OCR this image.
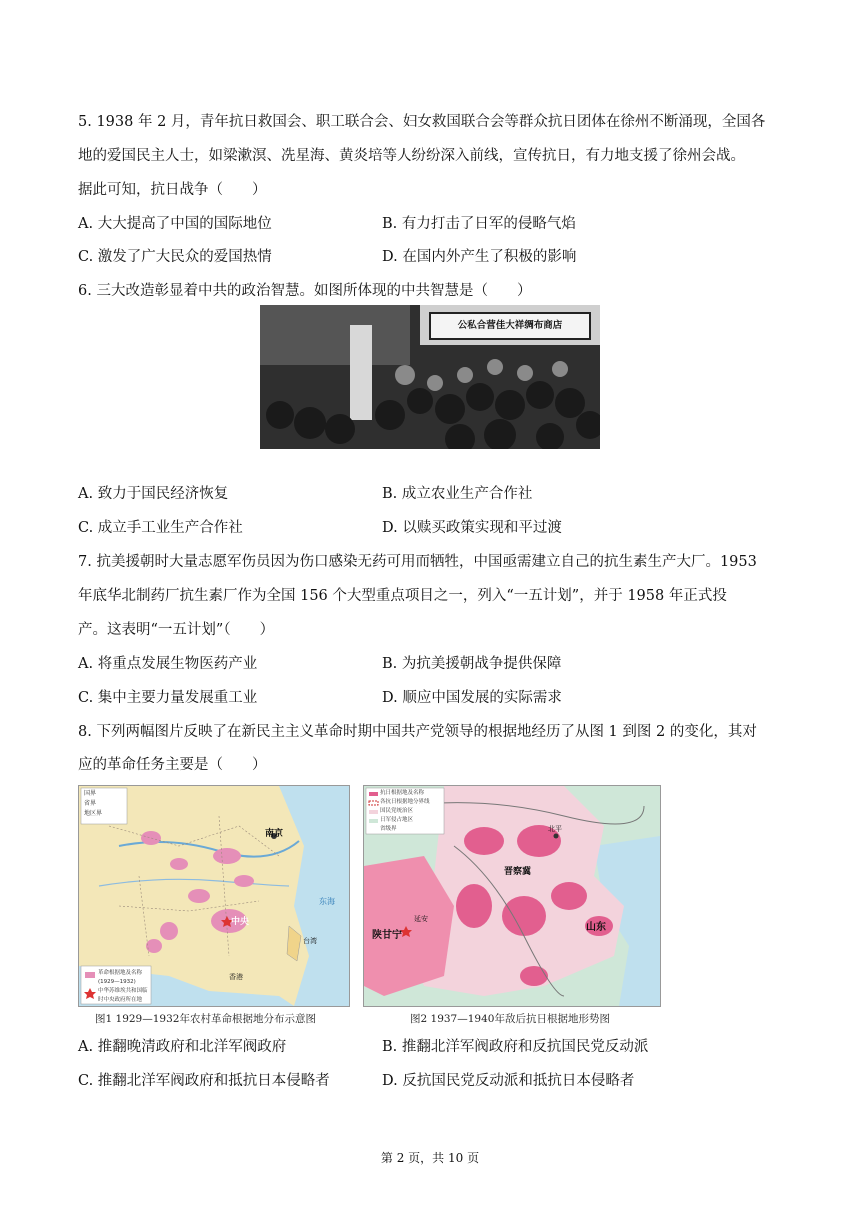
5. 1938 年 2 月，青年抗日救国会、职工联合会、妇女救国联合会等群众抗日团体在徐州不断涌现，全国各
地的爱国民主人士，如梁漱溟、冼星海、黄炎培等人纷纷深入前线，宣传抗日，有力地支援了徐州会战。
据此可知，抗日战争（　　）
A. 大大提高了中国的国际地位	B. 有力打击了日军的侵略气焰
C. 激发了广大民众的爱国热情	D. 在国内外产生了积极的影响
6. 三大改造彰显着中共的政治智慧。如图所体现的中共智慧是（　　）
公私合营佳大祥绸布商店
A. 致力于国民经济恢复	B. 成立农业生产合作社
C. 成立手工业生产合作社	D. 以赎买政策实现和平过渡
7. 抗美援朝时大量志愿军伤员因为伤口感染无药可用而牺牲，中国亟需建立自己的抗生素生产大厂。1953
年底华北制药厂抗生素厂作为全国 156 个大型重点项目之一，列入“一五计划”，并于 1958 年正式投
产。这表明“一五计划”（　　）
A. 将重点发展生物医药产业	B. 为抗美援朝战争提供保障
C. 集中主要力量发展重工业	D. 顺应中国发展的实际需求
8. 下列两幅图片反映了在新民主主义革命时期中国共产党领导的根据地经历了从图 1 到图 2 的变化，其对
应的革命任务主要是（　　）
国界
省界
地区界
革命根据地及名称 (1929—1932)
中华苏维埃共和国临时中央政府所在地
南京
中央
香港
台湾
东海
抗日根据地及名称
各抗日根据地分界线
国民党统治区
日军侵占地区
省级界
陕甘宁
延安
晋察冀
北平
山东
图1 1929—1932年农村革命根据地分布示意图	图2 1937—1940年敌后抗日根据地形势图
A. 推翻晚清政府和北洋军阀政府	B. 推翻北洋军阀政府和反抗国民党反动派
C. 推翻北洋军阀政府和抵抗日本侵略者	D. 反抗国民党反动派和抵抗日本侵略者
第 2 页，共 10 页
